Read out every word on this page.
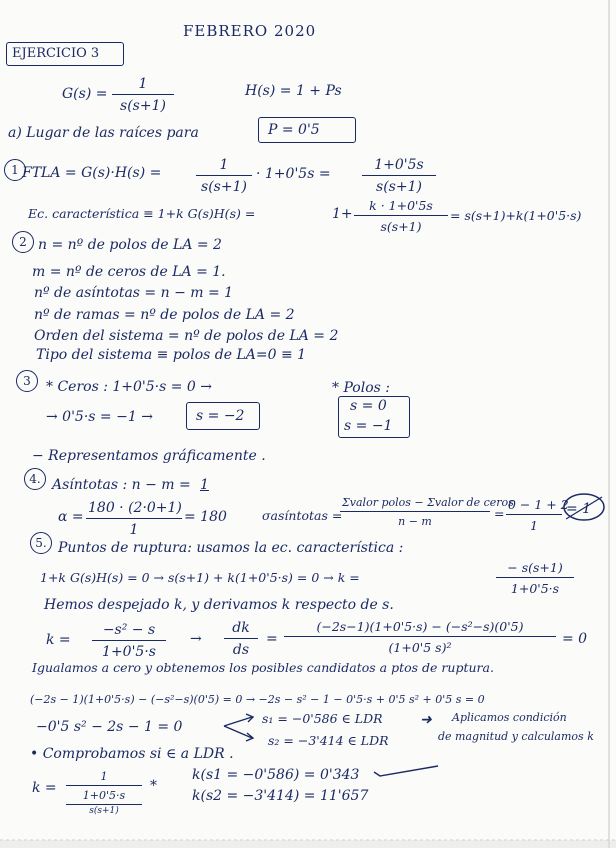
FEBRERO 2020
EJERCICIO 3
$G(s) = \frac{1}{s(s+1)}$	H(s) = 1 + Ps
a) Lugar de las raíces para	P = 0'5
1 FTLA = $G(s)\cdot H(s) = \frac{1}{s(s+1)} \cdot 1+0'5s = \frac{1+0'5s}{s(s+1)}$
Ec. característica ≡ 1+k G(s)H(s) =	$1+ \frac{k \cdot 1+0'5s}{s(s+1)} = s(s+1)+k(1+0'5\cdot s)$
2 n = nº de polos de LA = 2
m = nº de ceros de LA = 1.
nº de asíntotas = n − m = 1
nº de ramas = nº de polos de LA = 2
Orden del sistema = nº de polos de LA = 2
Tipo del sistema ≡ polos de LA=0 ≡ 1
3	* Ceros : 1+0'5·s = 0 →
→ 0'5·s = −1 →	s = −2
* Polos :
s = 0
s = −1
− Representamos gráficamente .
4. Asíntotas : n − m = 1
$\alpha = \frac{180 \cdot (2\cdot 0+1)}{1} = 180$	σasíntotas =
Σvalor polos − Σvalor de ceros
n − m
= $\frac{0 - 1 + 2}{1} = 1$
5. Puntos de ruptura: usamos la ec. característica :
1+k G(s)H(s) = 0 → s(s+1) + k(1+0'5·s) = 0 → k =	$\frac{- s(s+1)}{1+0'5\cdot s}$
Hemos despejado k, y derivamos k respecto de s.
$k = \frac{\text{−s² − s}}{1+0'5\cdot s} \to \frac{dk}{ds} = \frac{\text{(−2s−1)(1+0'5·s) − (−s²−s)(0'5)}}{\text{(1+0'5 s)²}} = 0$
Igualamos a cero y obtenemos los posibles candidatos a ptos de ruptura.
(−2s − 1)(1+0'5·s) − (−s²−s)(0'5) = 0 → −2s − s² − 1 − 0'5·s + 0'5 s² + 0'5 s = 0
−0'5 s² − 2s − 1 = 0
s₁ = −0'586 ∈ LDR
s₂ = −3'414 ∈ LDR
➜ Aplicamos condición
de magnitud y calculamos k
• Comprobamos si ∈ a LDR .
k =
1
1+0'5·s
s(s+1)
*
k(s1 = −0'586) = 0'343
k(s2 = −3'414) = 11'657
